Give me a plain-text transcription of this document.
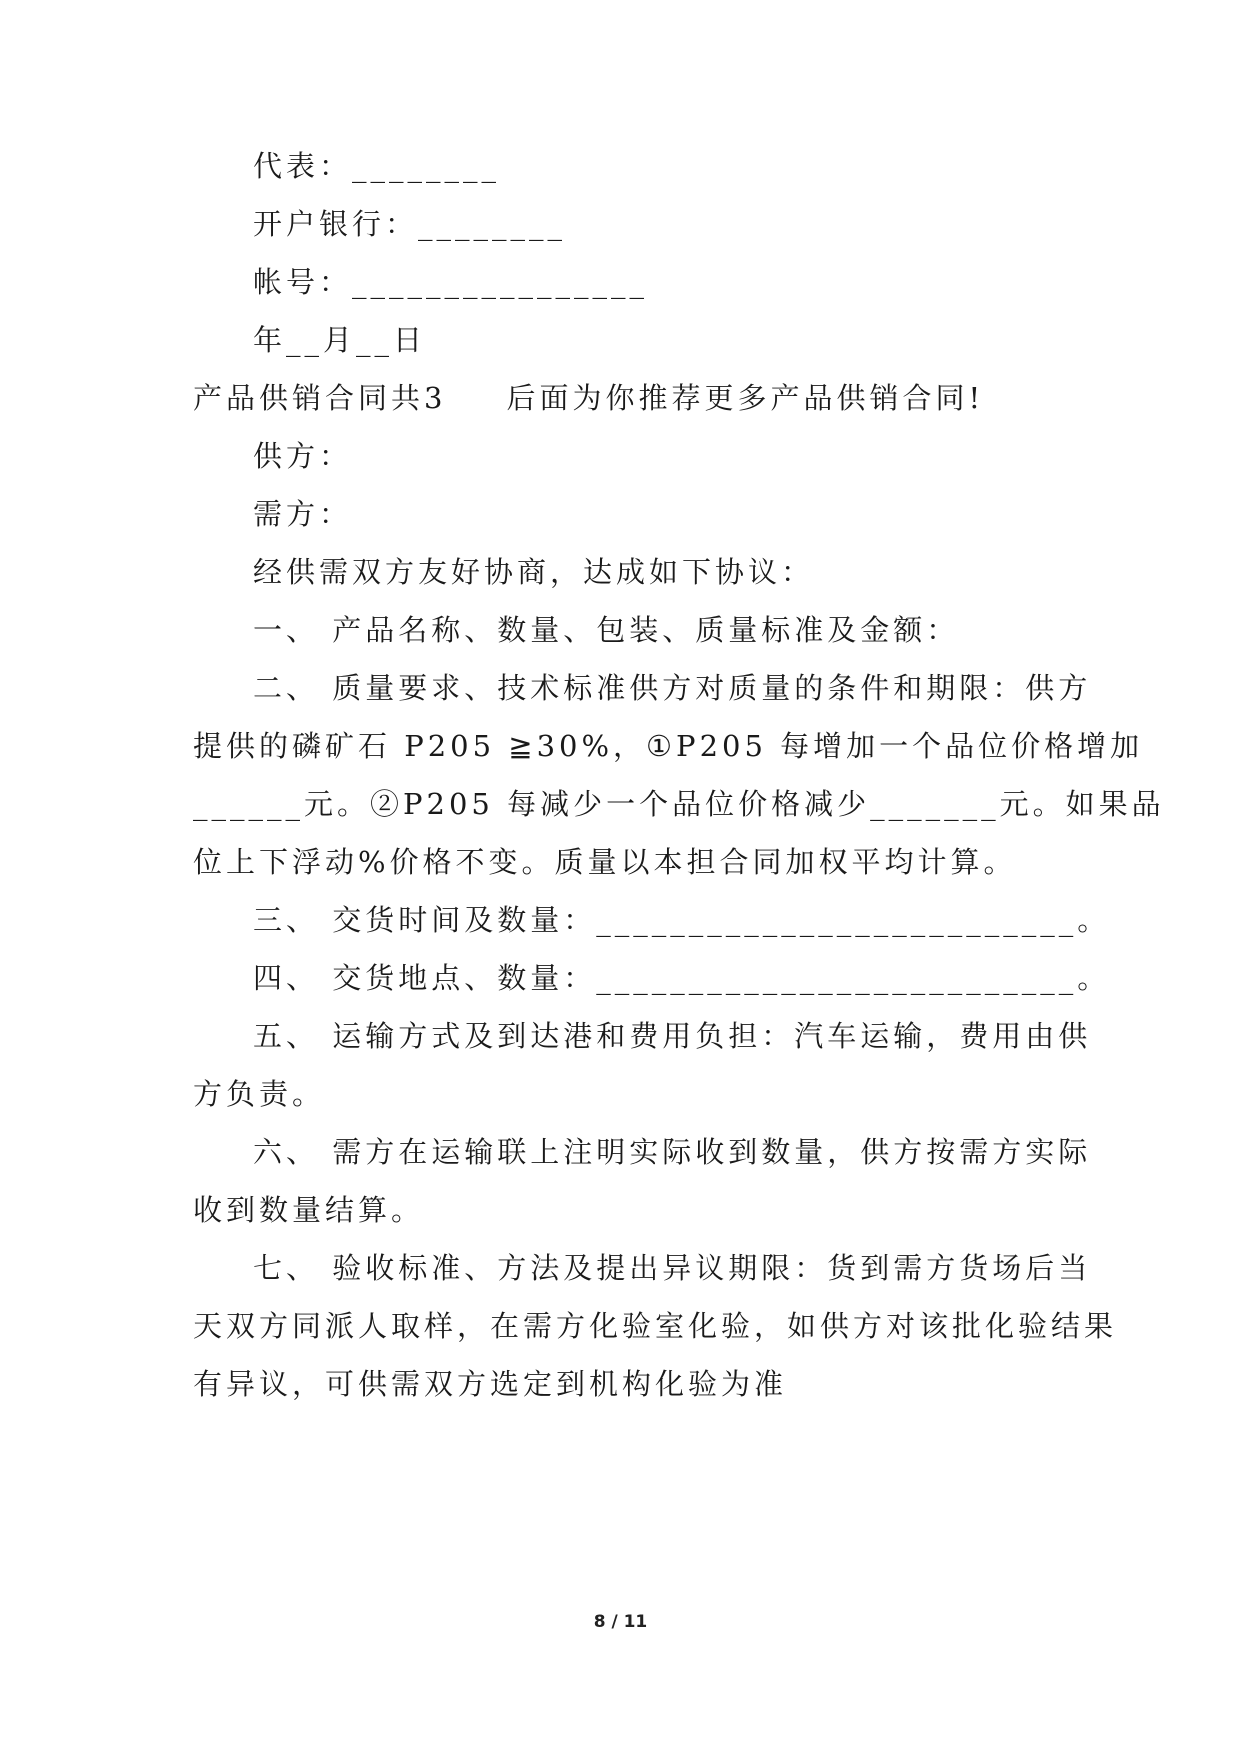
代表：________
开户银行：________
帐号：________________
年__月__日
产品供销合同共3 后面为你推荐更多产品供销合同!
供方：
需方：
经供需双方友好协商，达成如下协议：
一、 产品名称、数量、包装、质量标准及金额：
二、 质量要求、技术标准供方对质量的条件和期限：供方
提供的磷矿石 P205 ≧30%，①P205 每增加一个品位价格增加
______元。②P205 每减少一个品位价格减少_______元。如果品
位上下浮动%价格不变。质量以本担合同加权平均计算。
三、 交货时间及数量：__________________________。
四、 交货地点、数量：__________________________。
五、 运输方式及到达港和费用负担：汽车运输，费用由供
方负责。
六、 需方在运输联上注明实际收到数量，供方按需方实际
收到数量结算。
七、 验收标准、方法及提出异议期限：货到需方货场后当
天双方同派人取样，在需方化验室化验，如供方对该批化验结果
有异议，可供需双方选定到机构化验为准
8 / 11
